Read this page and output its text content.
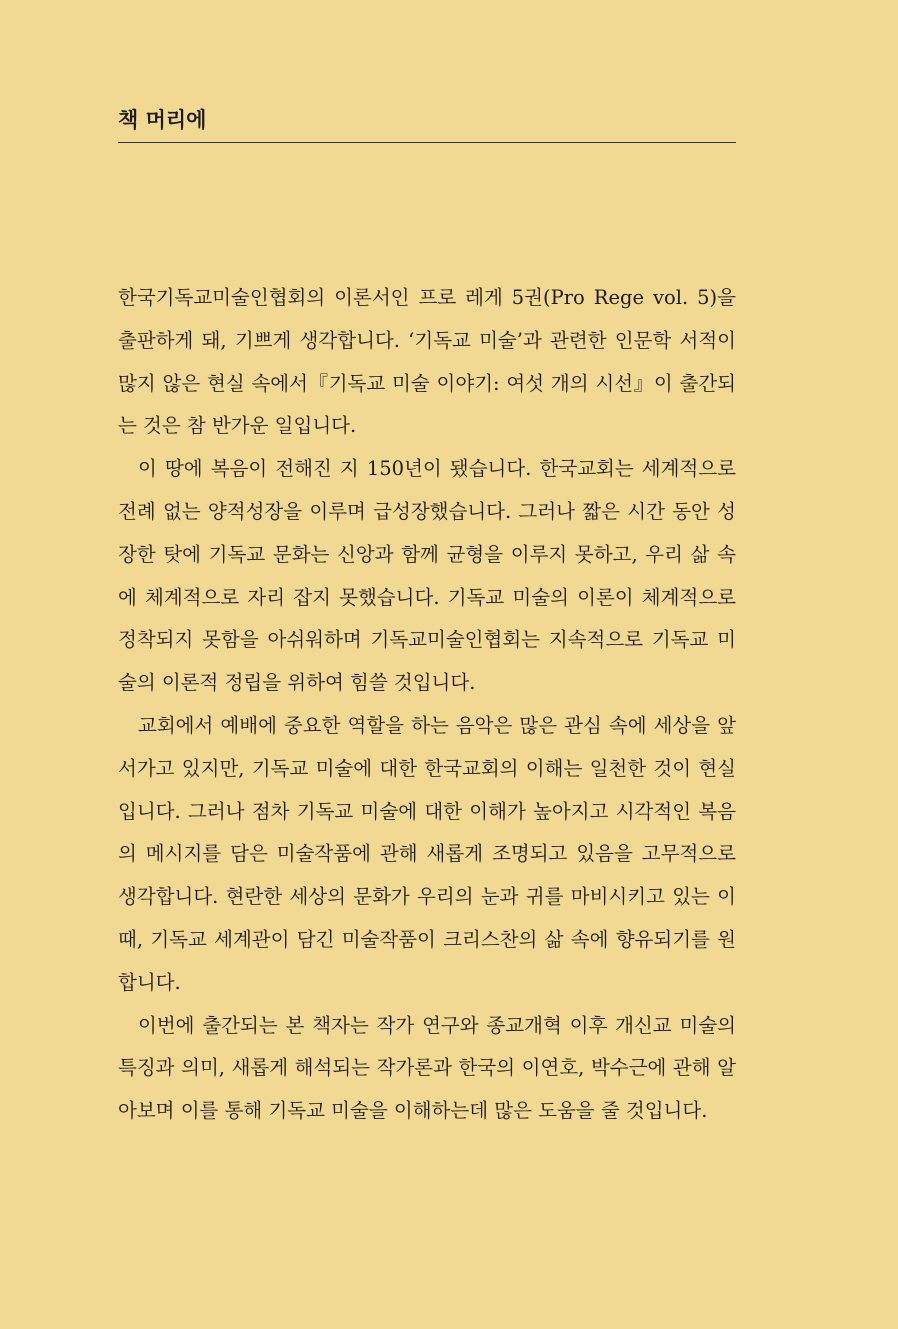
책 머리에

한국기독교미술인협회의 이론서인 프로 레게 5권(Pro Rege vol. 5)을 출판하게 돼, 기쁘게 생각합니다. ‘기독교 미술’과 관련한 인문학 서적이 많지 않은 현실 속에서『기독교 미술 이야기: 여섯 개의 시선』이 출간되는 것은 참 반가운 일입니다.

이 땅에 복음이 전해진 지 150년이 됐습니다. 한국교회는 세계적으로 전례 없는 양적성장을 이루며 급성장했습니다. 그러나 짧은 시간 동안 성장한 탓에 기독교 문화는 신앙과 함께 균형을 이루지 못하고, 우리 삶 속에 체계적으로 자리 잡지 못했습니다. 기독교 미술의 이론이 체계적으로 정착되지 못함을 아쉬워하며 기독교미술인협회는 지속적으로 기독교 미술의 이론적 정립을 위하여 힘쓸 것입니다.

교회에서 예배에 중요한 역할을 하는 음악은 많은 관심 속에 세상을 앞서가고 있지만, 기독교 미술에 대한 한국교회의 이해는 일천한 것이 현실입니다. 그러나 점차 기독교 미술에 대한 이해가 높아지고 시각적인 복음의 메시지를 담은 미술작품에 관해 새롭게 조명되고 있음을 고무적으로 생각합니다. 현란한 세상의 문화가 우리의 눈과 귀를 마비시키고 있는 이때, 기독교 세계관이 담긴 미술작품이 크리스찬의 삶 속에 향유되기를 원합니다.

이번에 출간되는 본 책자는 작가 연구와 종교개혁 이후 개신교 미술의 특징과 의미, 새롭게 해석되는 작가론과 한국의 이연호, 박수근에 관해 알아보며 이를 통해 기독교 미술을 이해하는데 많은 도움을 줄 것입니다.
